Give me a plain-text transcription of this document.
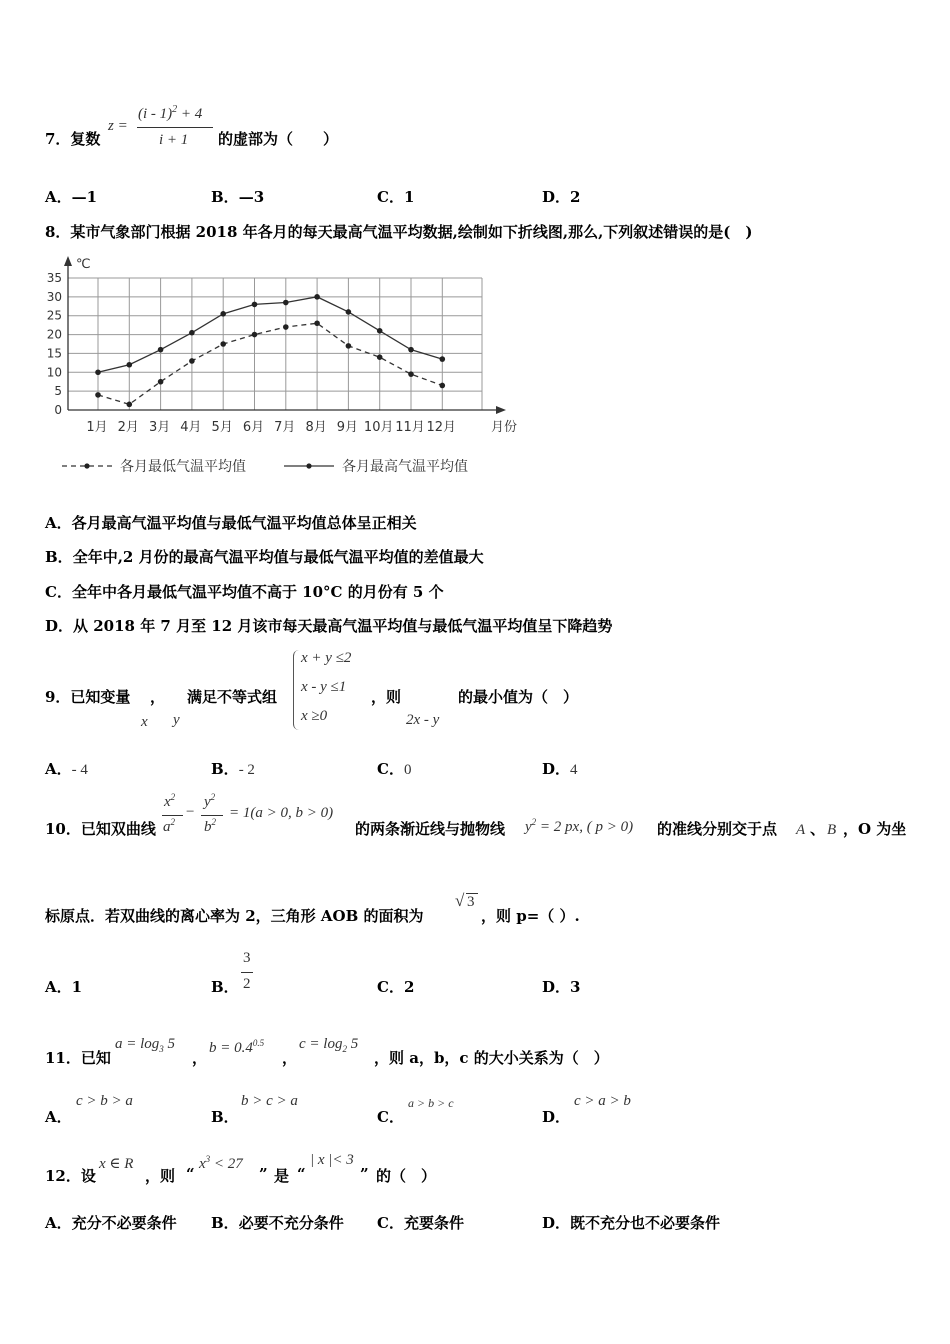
7．复数
z =
(i - 1)$^2$ + 4
i + 1 的虚部为（　　）
A．—1	B．—3	C．1	D．2
8．某市气象部门根据 2018 年各月的每天最高气温平均数据,绘制如下折线图,那么,下列叙述错误的是(　)
0
5
10
15
20
25
30
35
℃
1月 2月 3月 4月 5月 6月 7月 8月 9月 10月 11月 12月	月份
各月最低气温平均值	各月最高气温平均值
A．各月最高气温平均值与最低气温平均值总体呈正相关
B．全年中,2 月份的最高气温平均值与最低气温平均值的差值最大
C．全年中各月最低气温平均值不高于 10°C 的月份有 5 个
D．从 2018 年 7 月至 12 月该市每天最高气温平均值与最低气温平均值呈下降趋势
9．已知变量 ，
x y
满足不等式组
x + y ≤2
x - y ≤1
x ≥0
，则
2x - y
的最小值为（　）
A．- 4	B．- 2	C．0	D．4
10．已知双曲线
$x^2$
$a^2$
−
$y^2$
$b^2$
= 1(a > 0, b > 0)
的两条渐近线与抛物线 $y^2 = 2$ px, ( p > 0) 的准线分别交于点 A 、 B ，O 为坐
标原点．若双曲线的离心率为 2，三角形 AOB 的面积为
√ 3
，则 p=（ ）.
A．1	B．
3
2	C．2	D．3
11．已知
$a = \log_3 5$
，
$b = 0.4^{0.5}$
，
$c = \log_2 5$
，则 a，b，c 的大小关系为（　）
A．
c > b > a
B．
b > c > a
C．
a > b > c
D．
c > a > b
12．设
x ∈ R
，则 “
$x^3 < 27$
” 是 “
| x |< 3
” 的（　）
A．充分不必要条件 B．必要不充分条件 C．充要条件	D．既不充分也不必要条件
